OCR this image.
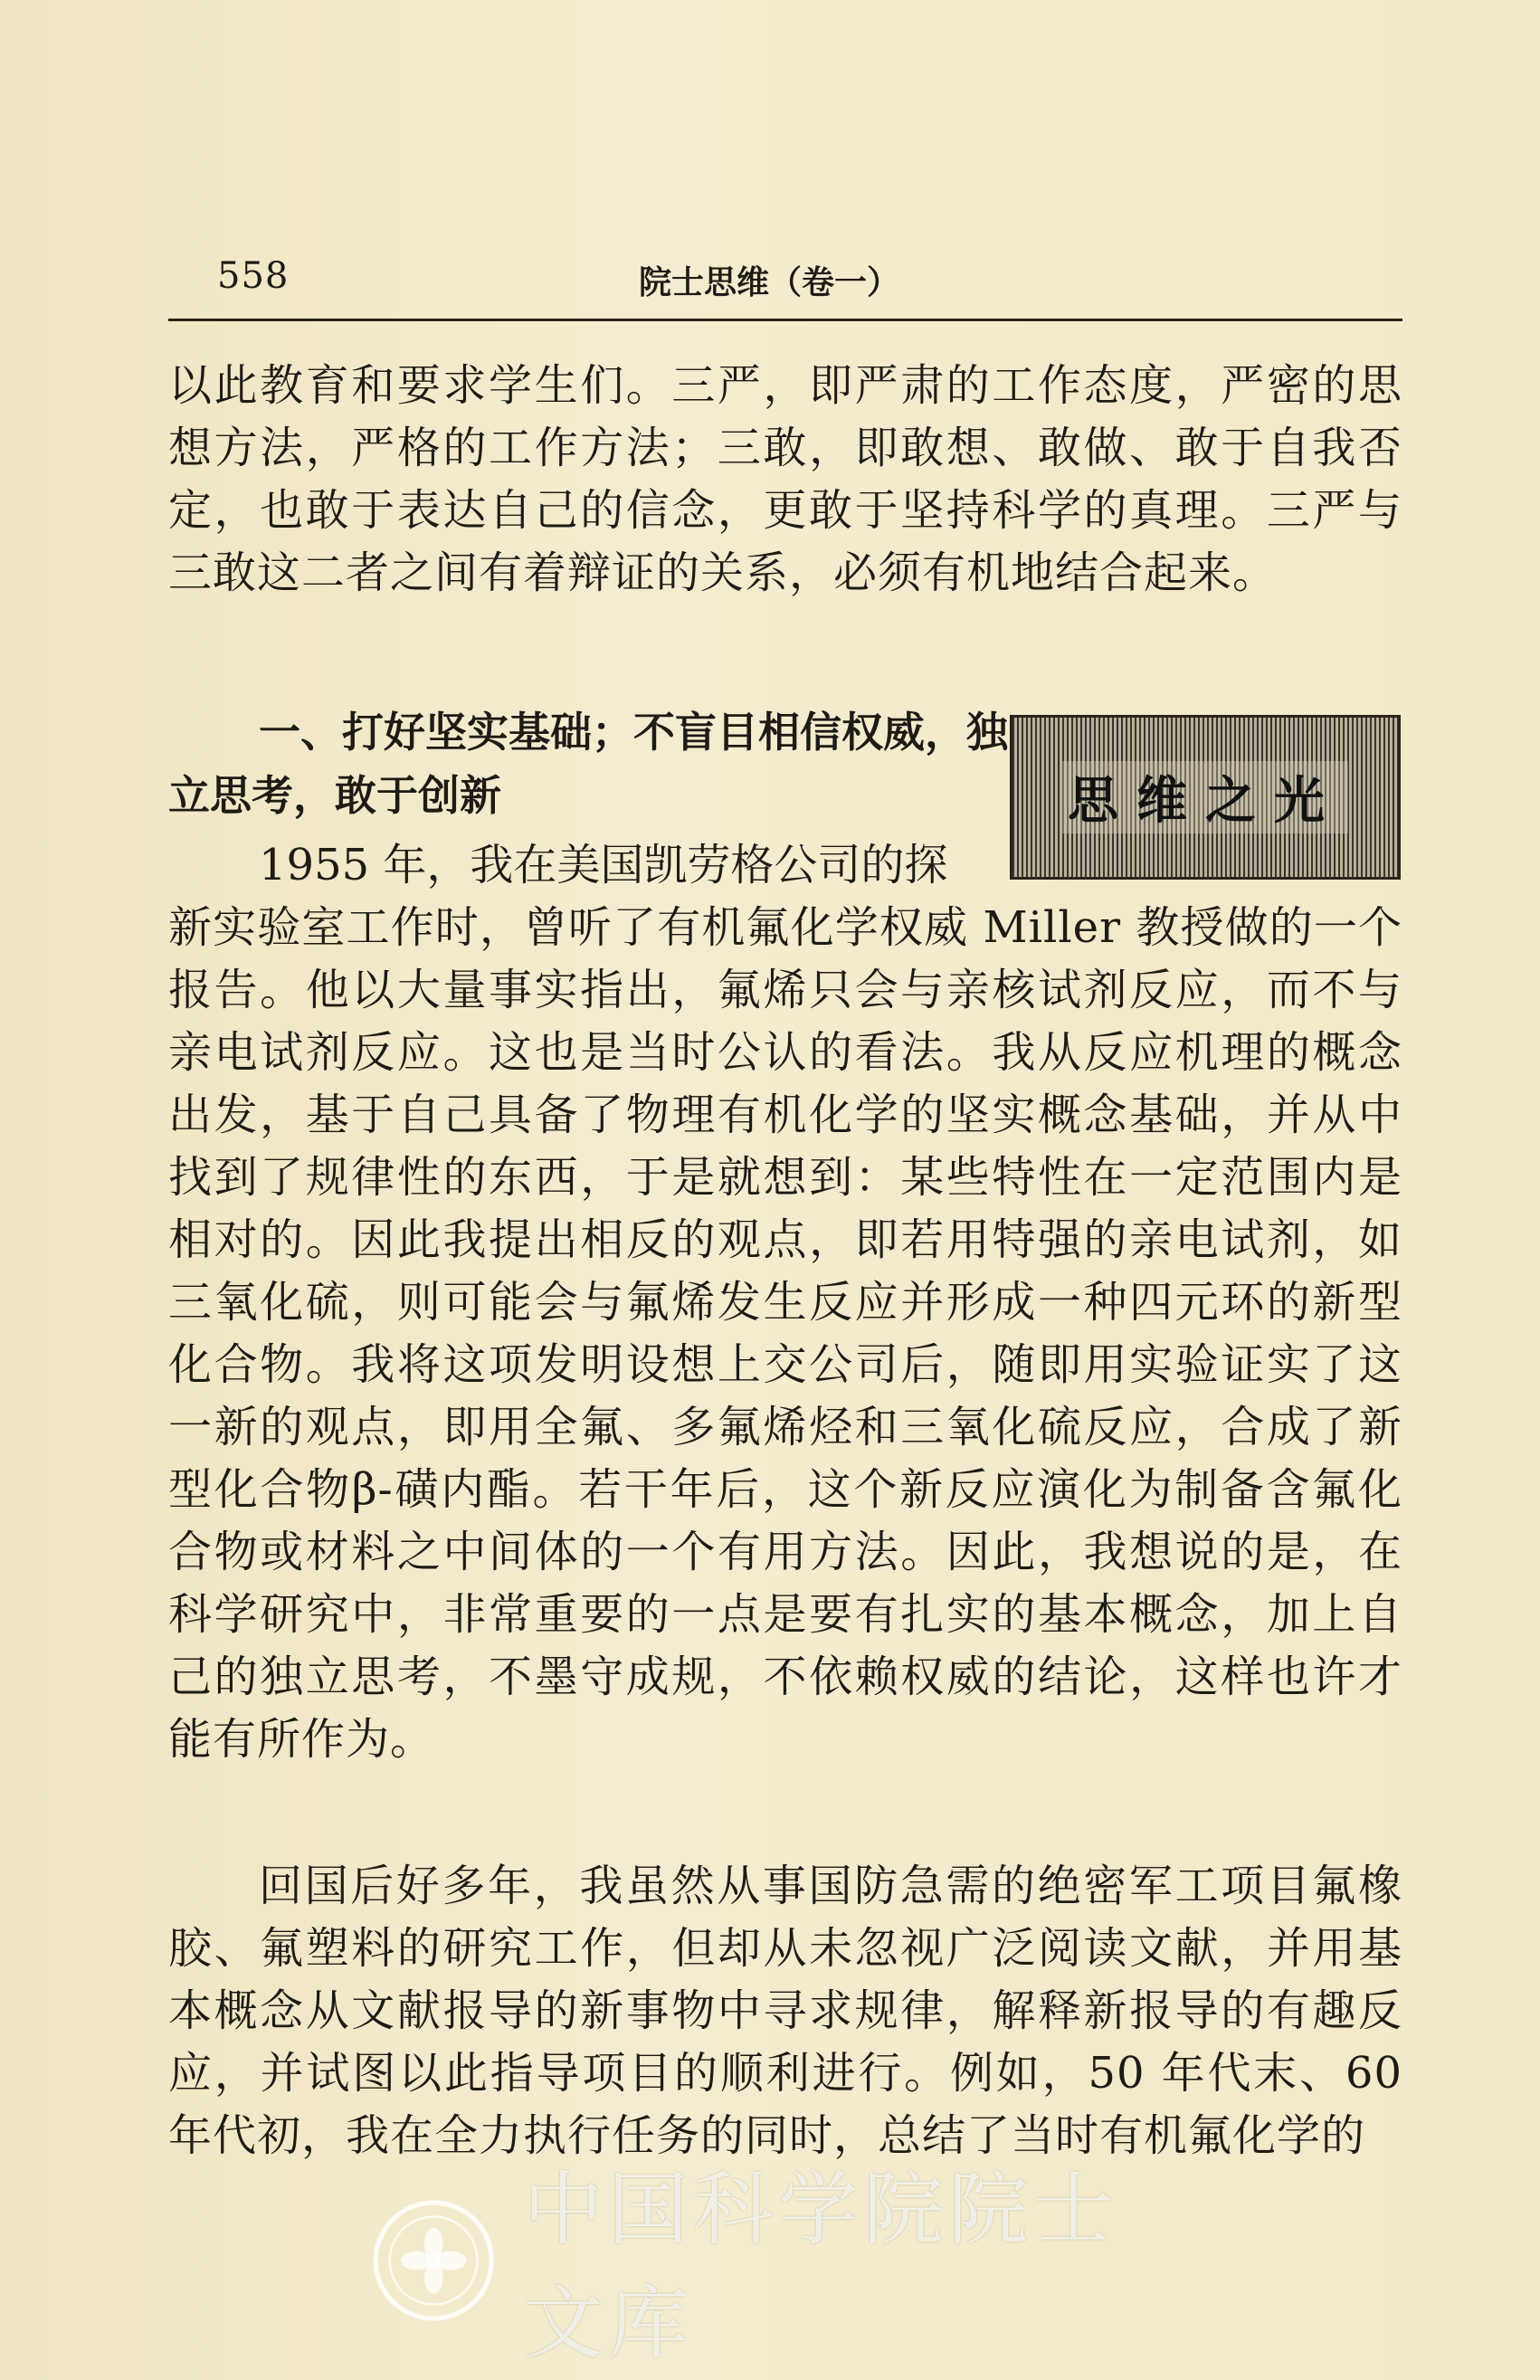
558	院士思维（卷一）

以此教育和要求学生们。三严，即严肃的工作态度，严密的思想方法，严格的工作方法；三敢，即敢想、敢做、敢于自我否定，也敢于表达自己的信念，更敢于坚持科学的真理。三严与三敢这二者之间有着辩证的关系，必须有机地结合起来。

一、打好坚实基础；不盲目相信权威，独立思考，敢于创新	思维之光

1955 年，我在美国凯劳格公司的探

新实验室工作时，曾听了有机氟化学权威 Miller 教授做的一个报告。他以大量事实指出，氟烯只会与亲核试剂反应，而不与亲电试剂反应。这也是当时公认的看法。我从反应机理的概念出发，基于自己具备了物理有机化学的坚实概念基础，并从中找到了规律性的东西，于是就想到：某些特性在一定范围内是相对的。因此我提出相反的观点，即若用特强的亲电试剂，如三氧化硫，则可能会与氟烯发生反应并形成一种四元环的新型化合物。我将这项发明设想上交公司后，随即用实验证实了这一新的观点，即用全氟、多氟烯烃和三氧化硫反应，合成了新型化合物β-磺内酯。若干年后，这个新反应演化为制备含氟化合物或材料之中间体的一个有用方法。因此，我想说的是，在科学研究中，非常重要的一点是要有扎实的基本概念，加上自己的独立思考，不墨守成规，不依赖权威的结论，这样也许才能有所作为。

回国后好多年，我虽然从事国防急需的绝密军工项目氟橡胶、氟塑料的研究工作，但却从未忽视广泛阅读文献，并用基本概念从文献报导的新事物中寻求规律，解释新报导的有趣反应，并试图以此指导项目的顺利进行。例如，50 年代末、60 年代初，我在全力执行任务的同时，总结了当时有机氟化学的

中国科学院院士文库
